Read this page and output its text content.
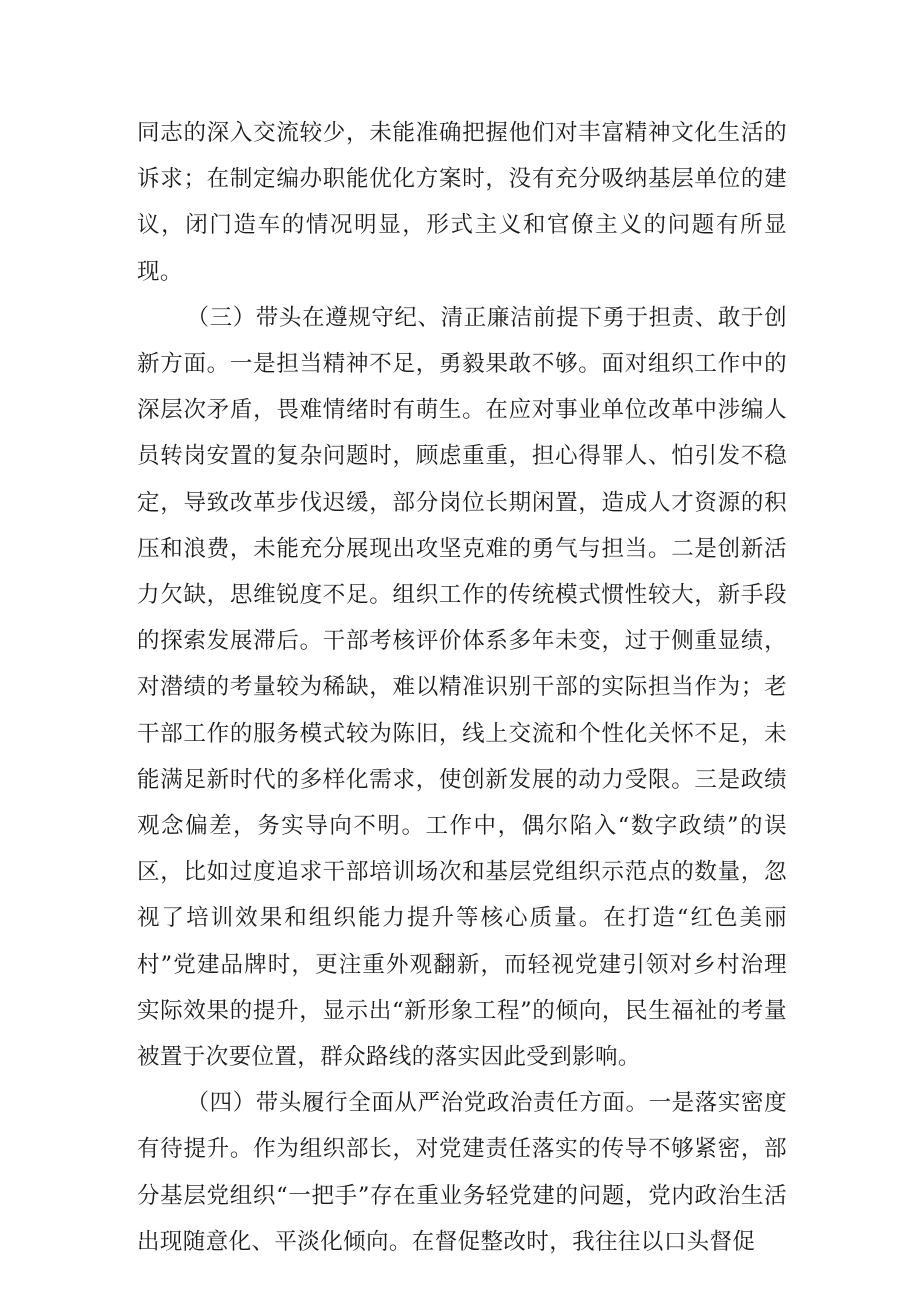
同志的深入交流较少，未能准确把握他们对丰富精神文化生活的诉求；在制定编办职能优化方案时，没有充分吸纳基层单位的建议，闭门造车的情况明显，形式主义和官僚主义的问题有所显现。

（三）带头在遵规守纪、清正廉洁前提下勇于担责、敢于创新方面。一是担当精神不足，勇毅果敢不够。面对组织工作中的深层次矛盾，畏难情绪时有萌生。在应对事业单位改革中涉编人员转岗安置的复杂问题时，顾虑重重，担心得罪人、怕引发不稳定，导致改革步伐迟缓，部分岗位长期闲置，造成人才资源的积压和浪费，未能充分展现出攻坚克难的勇气与担当。二是创新活力欠缺，思维锐度不足。组织工作的传统模式惯性较大，新手段的探索发展滞后。干部考核评价体系多年未变，过于侧重显绩，对潜绩的考量较为稀缺，难以精准识别干部的实际担当作为；老干部工作的服务模式较为陈旧，线上交流和个性化关怀不足，未能满足新时代的多样化需求，使创新发展的动力受限。三是政绩观念偏差，务实导向不明。工作中，偶尔陷入“数字政绩”的误区，比如过度追求干部培训场次和基层党组织示范点的数量，忽视了培训效果和组织能力提升等核心质量。在打造“红色美丽村”党建品牌时，更注重外观翻新，而轻视党建引领对乡村治理实际效果的提升，显示出“新形象工程”的倾向，民生福祉的考量被置于次要位置，群众路线的落实因此受到影响。

（四）带头履行全面从严治党政治责任方面。一是落实密度有待提升。作为组织部长，对党建责任落实的传导不够紧密，部分基层党组织“一把手”存在重业务轻党建的问题，党内政治生活出现随意化、平淡化倾向。在督促整改时，我往往以口头督促
